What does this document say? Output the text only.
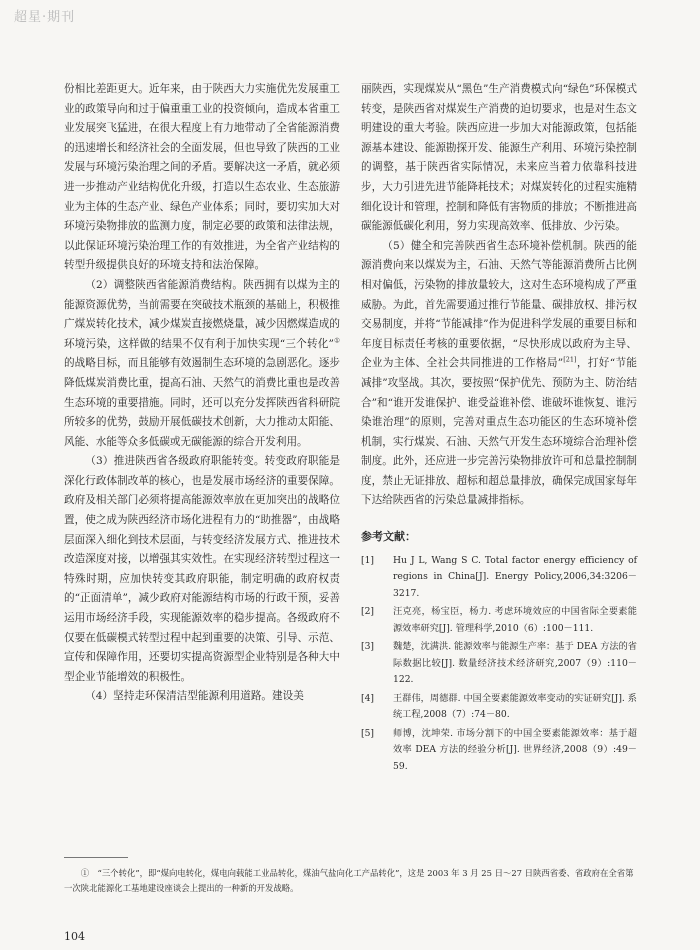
超星·期刊

份相比差距更大。近年来，由于陕西大力实施优先发展重工业的政策导向和过于偏重重工业的投资倾向，造成本省重工业发展突飞猛进，在很大程度上有力地带动了全省能源消费的迅速增长和经济社会的全面发展，但也导致了陕西的工业发展与环境污染治理之间的矛盾。要解决这一矛盾，就必须进一步推动产业结构优化升级，打造以生态农业、生态旅游业为主体的生态产业、绿色产业体系；同时，要切实加大对环境污染物排放的监测力度，制定必要的政策和法律法规，以此保证环境污染治理工作的有效推进，为全省产业结构的转型升级提供良好的环境支持和法治保障。

（2）调整陕西省能源消费结构。陕西拥有以煤为主的能源资源优势，当前需要在突破技术瓶颈的基础上，积极推广煤炭转化技术，减少煤炭直接燃烧量，减少因燃煤造成的环境污染，这样做的结果不仅有利于加快实现“三个转化”①的战略目标，而且能够有效遏制生态环境的急剧恶化。逐步降低煤炭消费比重，提高石油、天然气的消费比重也是改善生态环境的重要措施。同时，还可以充分发挥陕西省科研院所较多的优势，鼓励开展低碳技术创新，大力推动太阳能、风能、水能等众多低碳或无碳能源的综合开发利用。

（3）推进陕西省各级政府职能转变。转变政府职能是深化行政体制改革的核心，也是发展市场经济的重要保障。政府及相关部门必须将提高能源效率放在更加突出的战略位置，使之成为陕西经济市场化进程有力的“助推器”，由战略层面深入细化到技术层面，与转变经济发展方式、推进技术改造深度对接，以增强其实效性。在实现经济转型过程这一特殊时期，应加快转变其政府职能，制定明确的政府权责的“正面清单”，减少政府对能源结构市场的行政干预，妥善运用市场经济手段，实现能源效率的稳步提高。各级政府不仅要在低碳模式转型过程中起到重要的决策、引导、示范、宣传和保障作用，还要切实提高资源型企业特别是各种大中型企业节能增效的积极性。

（4）坚持走环保清洁型能源利用道路。建设美

丽陕西，实现煤炭从“黑色”生产消费模式向“绿色”环保模式转变，是陕西省对煤炭生产消费的迫切要求，也是对生态文明建设的重大考验。陕西应进一步加大对能源政策，包括能源基本建设、能源勘探开发、能源生产利用、环境污染控制的调整，基于陕西省实际情况，未来应当着力依靠科技进步，大力引进先进节能降耗技术；对煤炭转化的过程实施精细化设计和管理，控制和降低有害物质的排放；不断推进高碳能源低碳化利用，努力实现高效率、低排放、少污染。

（5）健全和完善陕西省生态环境补偿机制。陕西的能源消费向来以煤炭为主，石油、天然气等能源消费所占比例相对偏低，污染物的排放量较大，这对生态环境构成了严重威胁。为此，首先需要通过推行节能量、碳排放权、排污权交易制度，并将“节能减排”作为促进科学发展的重要目标和年度目标责任考核的重要依据，“尽快形成以政府为主导、企业为主体、全社会共同推进的工作格局”[21]，打好“节能减排”攻坚战。其次，要按照“保护优先、预防为主、防治结合”和“谁开发谁保护、谁受益谁补偿、谁破坏谁恢复、谁污染谁治理”的原则，完善对重点生态功能区的生态环境补偿机制，实行煤炭、石油、天然气开发生态环境综合治理补偿制度。此外，还应进一步完善污染物排放许可和总量控制制度，禁止无证排放、超标和超总量排放，确保完成国家每年下达给陕西省的污染总量减排指标。

参考文献：
[1] Hu J L, Wang S C. Total factor energy efficiency of regions in China[J]. Energy Policy,2006,34:3206－3217.
[2] 汪克亮，杨宝臣，杨力. 考虑环境效应的中国省际全要素能源效率研究[J]. 管理科学,2010（6）:100－111.
[3] 魏楚，沈满洪. 能源效率与能源生产率：基于 DEA 方法的省际数据比较[J]. 数量经济技术经济研究,2007（9）:110－122.
[4] 王群伟，周德群. 中国全要素能源效率变动的实证研究[J]. 系统工程,2008（7）:74－80.
[5] 师博，沈坤荣. 市场分割下的中国全要素能源效率：基于超效率 DEA 方法的经验分析[J]. 世界经济,2008（9）:49－59.
①　“三个转化”，即“煤向电转化，煤电向载能工业品转化，煤油气盐向化工产品转化”，这是 2003 年 3 月 25 日～27 日陕西省委、省政府在全省第一次陕北能源化工基地建设座谈会上提出的一种新的开发战略。
104
